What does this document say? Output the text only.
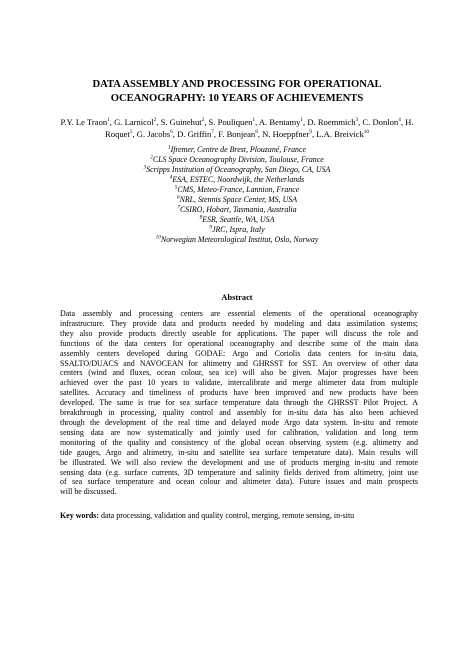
DATA ASSEMBLY AND PROCESSING FOR OPERATIONAL
OCEANOGRAPHY: 10 YEARS OF ACHIEVEMENTS
P.Y. Le Traon$^1$, G. Larnicol$^2$, S. Guinehut$^2$, S. Pouliquen$^1$, A. Bentamy$^1$, D. Roemmich$^3$, C. Donlon$^4$, H. Roquet$^5$, G. Jacobs$^6$, D. Griffin$^7$, F. Bonjean$^8$, N. Hoeppfner$^9$, L.A. Breivick$^{10}$
$^1$Ifremer, Centre de Brest, Plouzané, France
$^2$CLS Space Oceanography Division, Toulouse, France
$^3$Scripps Institution of Oceanography, San Diego, CA, USA
$^4$ESA, ESTEC, Noordwijk, the Netherlands
$^5$CMS, Meteo-France, Lannion, France
$^6$NRL, Stennis Space Center, MS, USA
$^7$CSIRO, Hobart, Tasmania, Australia
$^8$ESR, Seattle, WA, USA
$^9$JRC, Ispra, Italy
$^{10}$Norwegian Meteorological Institut, Oslo, Norway
Abstract
Data assembly and processing centers are essential elements of the operational oceanography
infrastructure. They provide data and products needed by modeling and data assimilation systems;
they also provide products directly useable for applications. The paper will discuss the role and
functions of the data centers for operational oceanography and describe some of the main data
assembly centers developed during GODAE: Argo and Coriolis data centers for in-situ data,
SSALTO/DUACS and NAVOCEAN for altimetry and GHRSST for SST. An overview of other data
centers (wind and fluxes, ocean colour, sea ice) will also be given. Major progresses have been
achieved over the past 10 years to validate, intercalibrate and merge altimeter data from multiple
satellites. Accuracy and timeliness of products have been improved and new products have been
developed. The same is true for sea surface temperature data through the GHRSST Pilot Project. A
breakthrough in processing, quality control and assembly for in-situ data has also been achieved
through the development of the real time and delayed mode Argo data system. In-situ and remote
sensing data are now systematically and jointly used for calibration, validation and long term
monitoring of the quality and consistency of the global ocean observing system (e.g. altimetry and
tide gauges, Argo and altimetry, in-situ and satellite sea surface temperature data). Main results will
be illustrated. We will also review the development and use of products merging in-situ and remote
sensing data (e.g. surface currents, 3D temperature and salinity fields derived from altimetry, joint use
of sea surface temperature and ocean colour and altimeter data). Future issues and main prospects
will be discussed.
Key words: data processing, validation and quality control, merging, remote sensing, in-situ
